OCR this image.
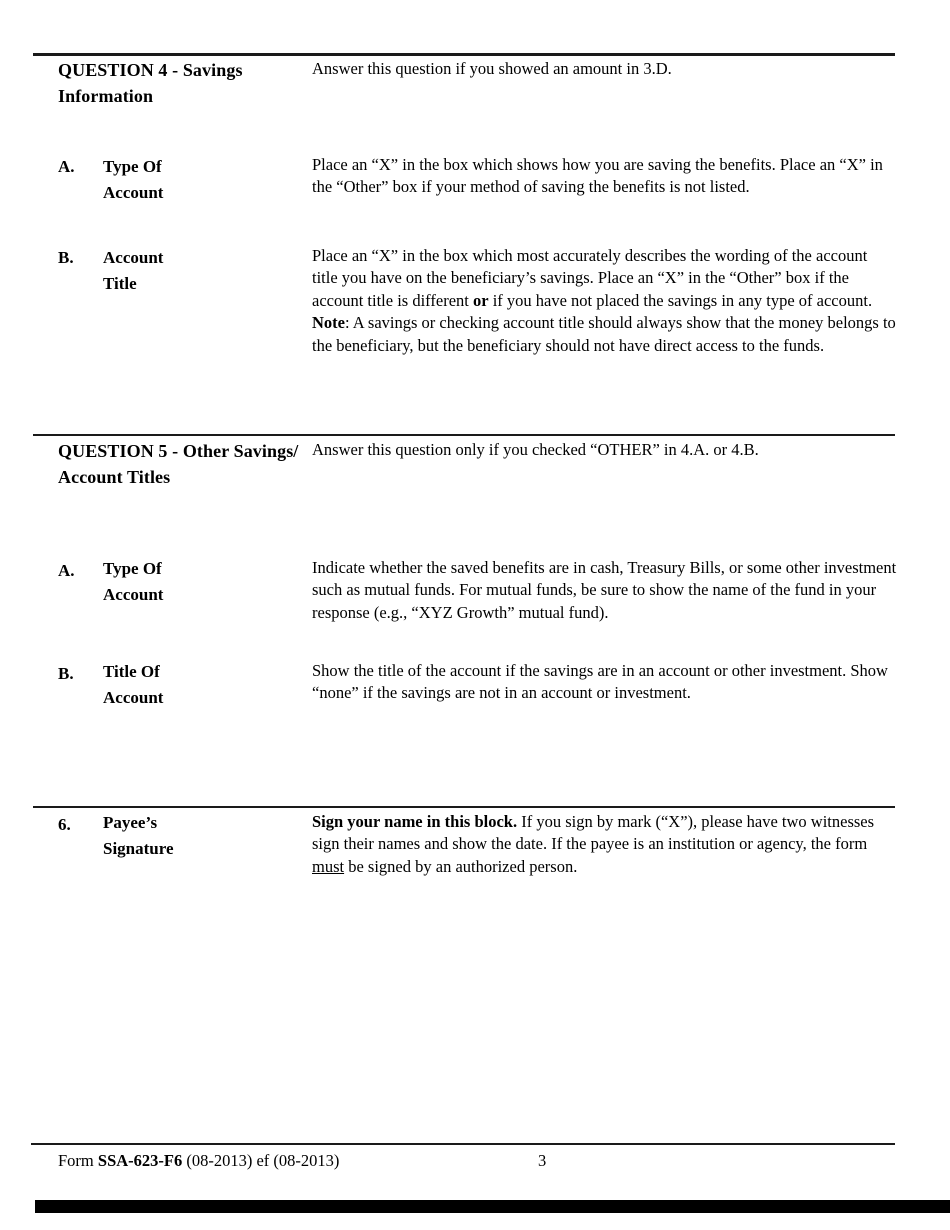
QUESTION 4 - Savings Information
Answer this question if you showed an amount in 3.D.
A. Type Of Account
Place an “X” in the box which shows how you are saving the benefits. Place an “X” in the “Other” box if your method of saving the benefits is not listed.
B. Account Title
Place an “X” in the box which most accurately describes the wording of the account title you have on the beneficiary’s savings. Place an “X” in the “Other” box if the account title is different or if you have not placed the savings in any type of account. Note: A savings or checking account title should always show that the money belongs to the beneficiary, but the beneficiary should not have direct access to the funds.
QUESTION 5 - Other Savings/ Account Titles
Answer this question only if you checked “OTHER” in 4.A. or 4.B.
A. Type Of Account
Indicate whether the saved benefits are in cash, Treasury Bills, or some other investment such as mutual funds. For mutual funds, be sure to show the name of the fund in your response (e.g., “XYZ Growth” mutual fund).
B. Title Of Account
Show the title of the account if the savings are in an account or other investment. Show “none” if the savings are not in an account or investment.
6. Payee’s Signature
Sign your name in this block. If you sign by mark (“X”), please have two witnesses sign their names and show the date. If the payee is an institution or agency, the form must be signed by an authorized person.
Form SSA-623-F6 (08-2013) ef (08-2013)	3
